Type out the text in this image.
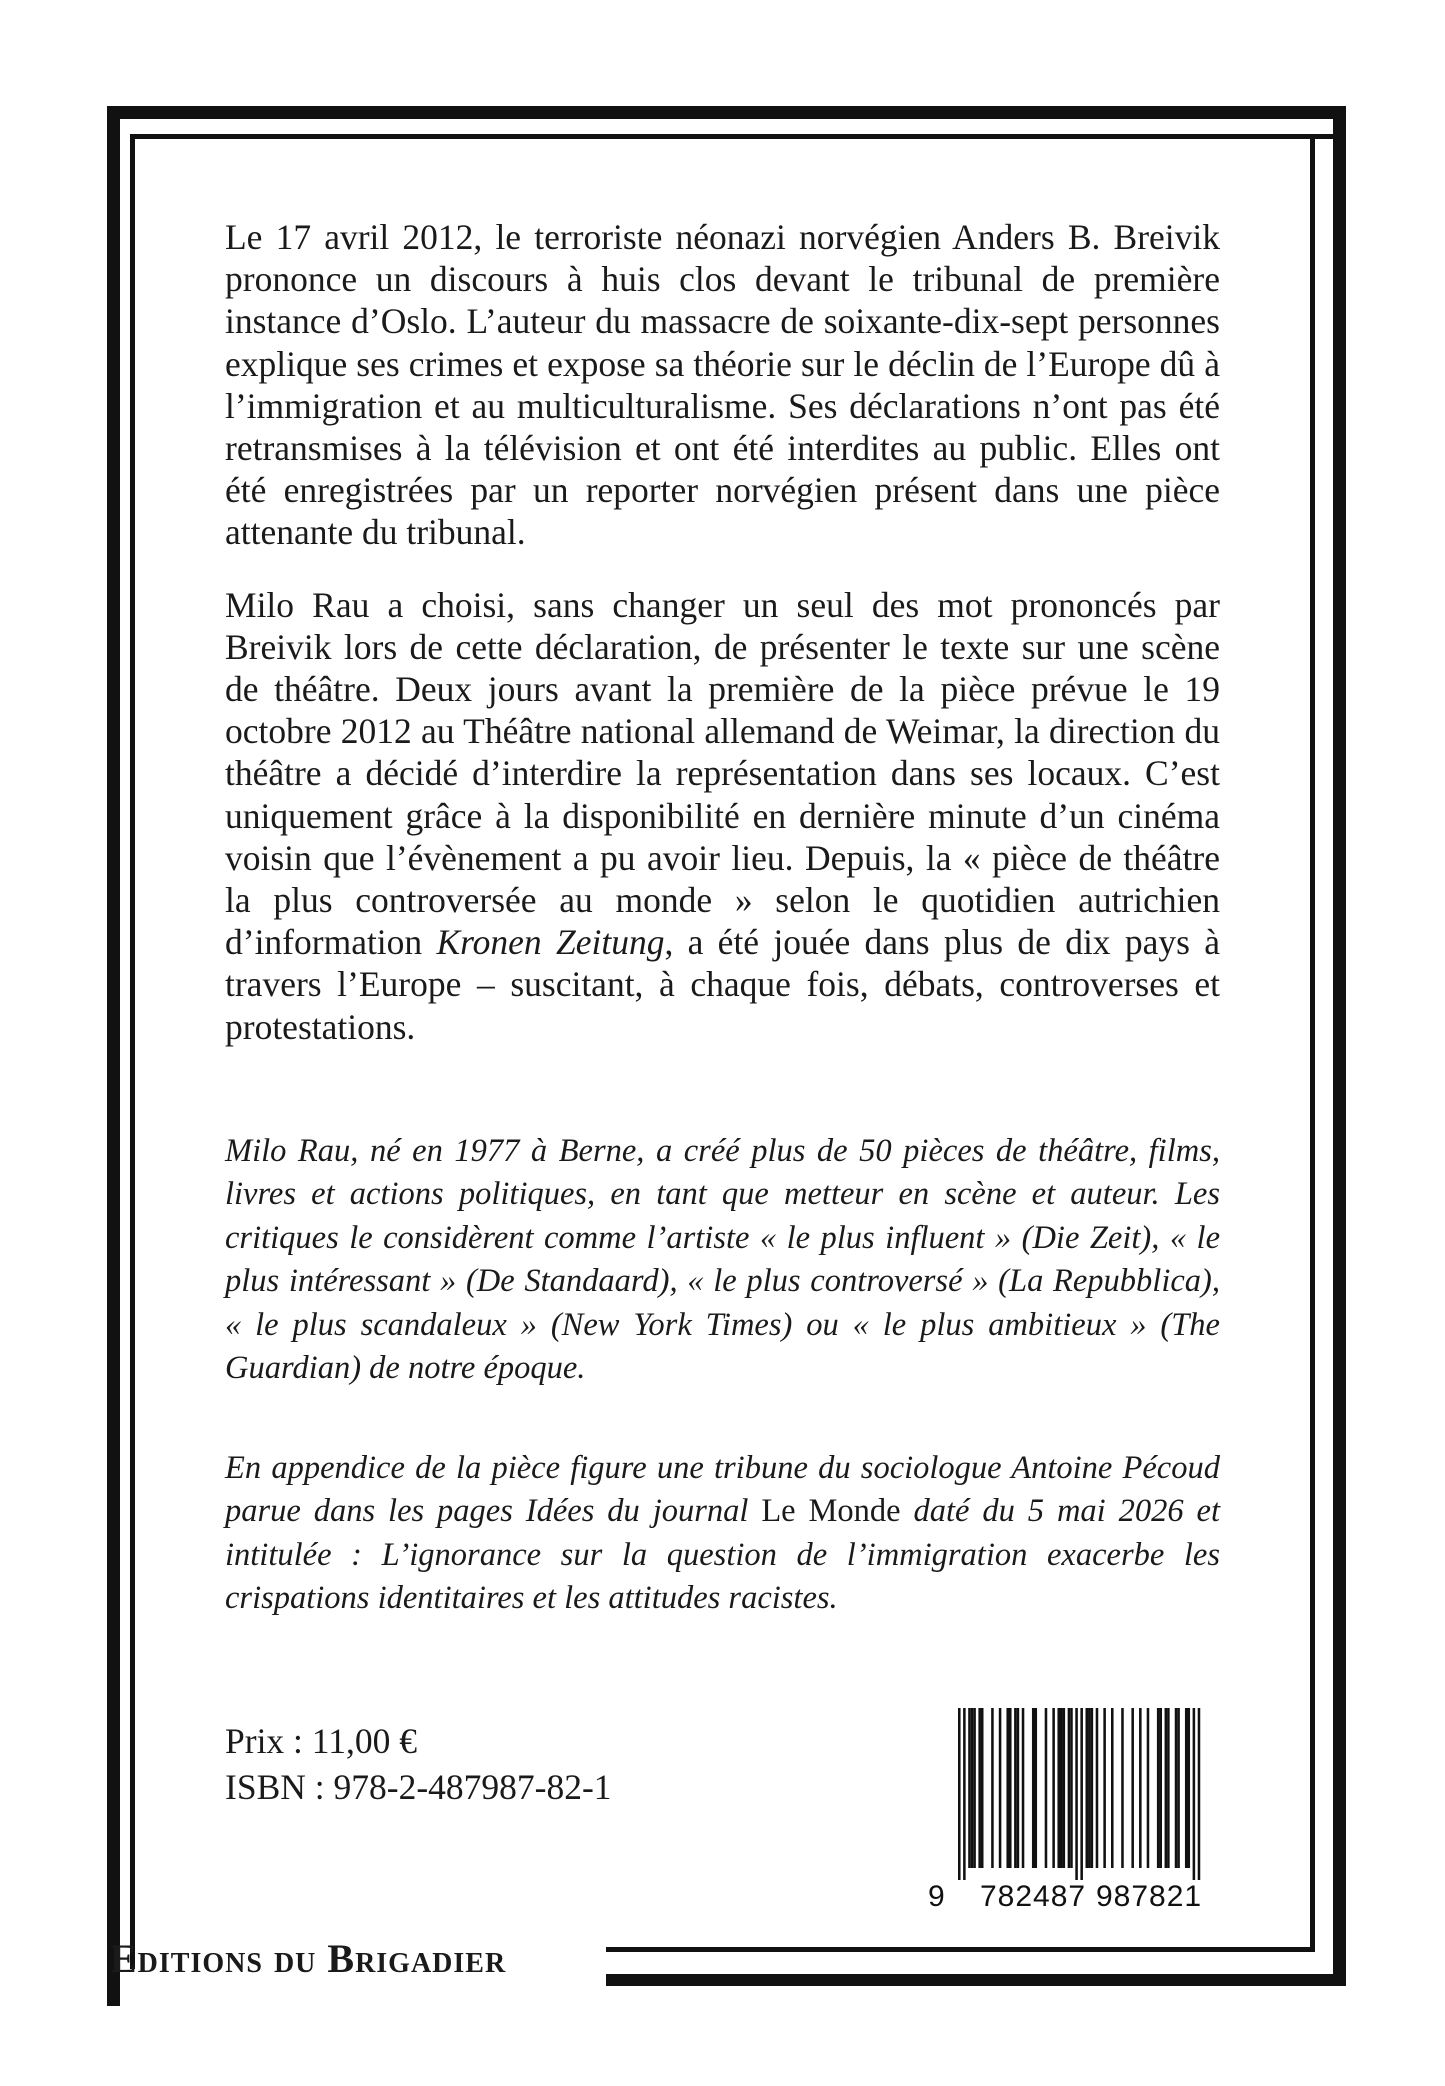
Le 17 avril 2012, le terroriste néonazi norvégien Anders B. Breivik prononce un discours à huis clos devant le tribunal de première instance d’Oslo. L’auteur du massacre de soixante-dix-sept personnes explique ses crimes et expose sa théorie sur le déclin de l’Europe dû à l’immigration et au multiculturalisme. Ses déclarations n’ont pas été retransmises à la télévision et ont été interdites au public. Elles ont été enregistrées par un reporter norvégien présent dans une pièce attenante du tribunal.

Milo Rau a choisi, sans changer un seul des mot prononcés par Breivik lors de cette déclaration, de présenter le texte sur une scène de théâtre. Deux jours avant la première de la pièce prévue le 19 octobre 2012 au Théâtre national allemand de Weimar, la direction du théâtre a décidé d’interdire la représentation dans ses locaux. C’est uniquement grâce à la disponibilité en dernière minute d’un cinéma voisin que l’évènement a pu avoir lieu. Depuis, la « pièce de théâtre la plus controversée au monde » selon le quotidien autrichien d’information Kronen Zeitung, a été jouée dans plus de dix pays à travers l’Europe – suscitant, à chaque fois, débats, controverses et protestations.

Milo Rau, né en 1977 à Berne, a créé plus de 50 pièces de théâtre, films, livres et actions politiques, en tant que metteur en scène et auteur. Les critiques le considèrent comme l’artiste « le plus influent » (Die Zeit), « le plus intéressant » (De Standaard), « le plus controversé » (La Repubblica), « le plus scandaleux » (New York Times) ou « le plus ambitieux » (The Guardian) de notre époque.

En appendice de la pièce figure une tribune du sociologue Antoine Pécoud parue dans les pages Idées du journal Le Monde daté du 5 mai 2026 et intitulée : L’ignorance sur la question de l’immigration exacerbe les crispations identitaires et les attitudes racistes.

Prix : 11,00 €
ISBN : 978-2-487987-82-1
9 782487 987821
Editions du Brigadier
